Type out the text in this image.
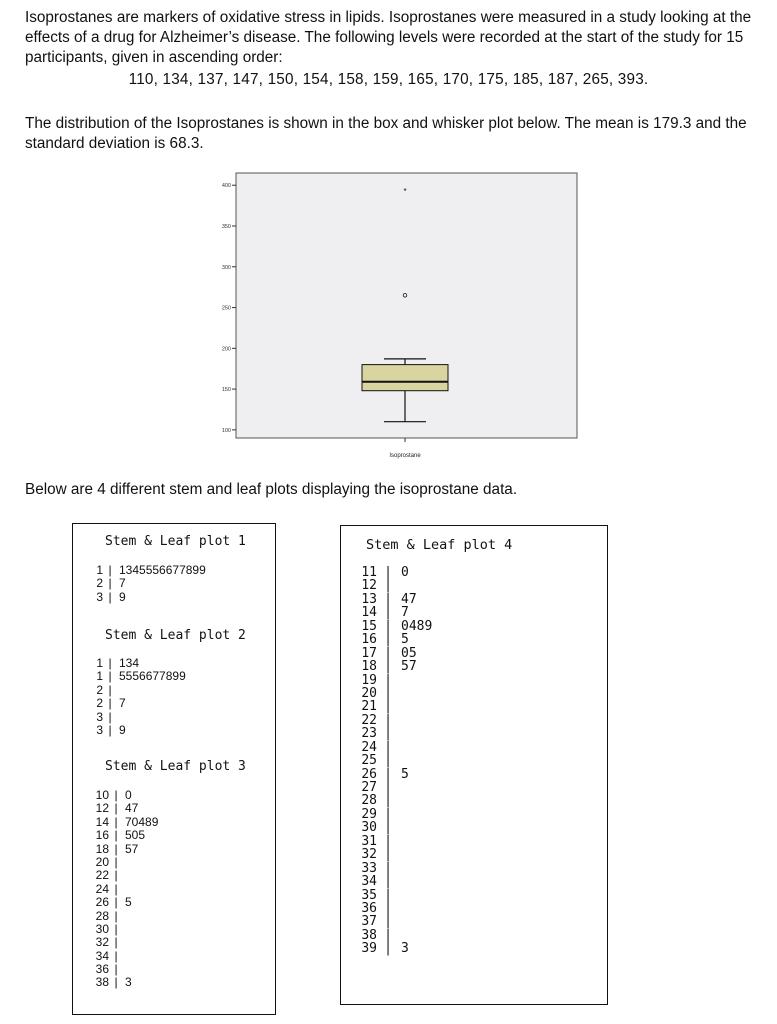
Isoprostanes are markers of oxidative stress in lipids. Isoprostanes were measured in a study looking at the effects of a drug for Alzheimer’s disease. The following levels were recorded at the start of the study for 15 participants, given in ascending order:
110, 134, 137, 147, 150, 154, 158, 159, 165, 170, 175, 185, 187, 265, 393.
The distribution of the Isoprostanes is shown in the box and whisker plot below. The mean is 179.3 and the standard deviation is 68.3.
100
150
200
250
300
350
400
*
Isoprostane
Below are 4 different stem and leaf plots displaying the isoprostane data.
Stem & Leaf plot 1
1 | 1345556677899
2 | 7
3 | 9
Stem & Leaf plot 2
1 | 134
1 | 5556677899
2 |
2 | 7
3 |
3 | 9
Stem & Leaf plot 3
10 | 0
12 | 47
14 | 70489
16 | 505
18 | 57
20 |
22 |
24 |
26 | 5
28 |
30 |
32 |
34 |
36 |
38 | 3
Stem & Leaf plot 4
11 | 0
12 |
13 | 47
14 | 7
15 | 0489
16 | 5
17 | 05
18 | 57
19 |
20 |
21 |
22 |
23 |
24 |
25 |
26 | 5
27 |
28 |
29 |
30 |
31 |
32 |
33 |
34 |
35 |
36 |
37 |
38 |
39 | 3
